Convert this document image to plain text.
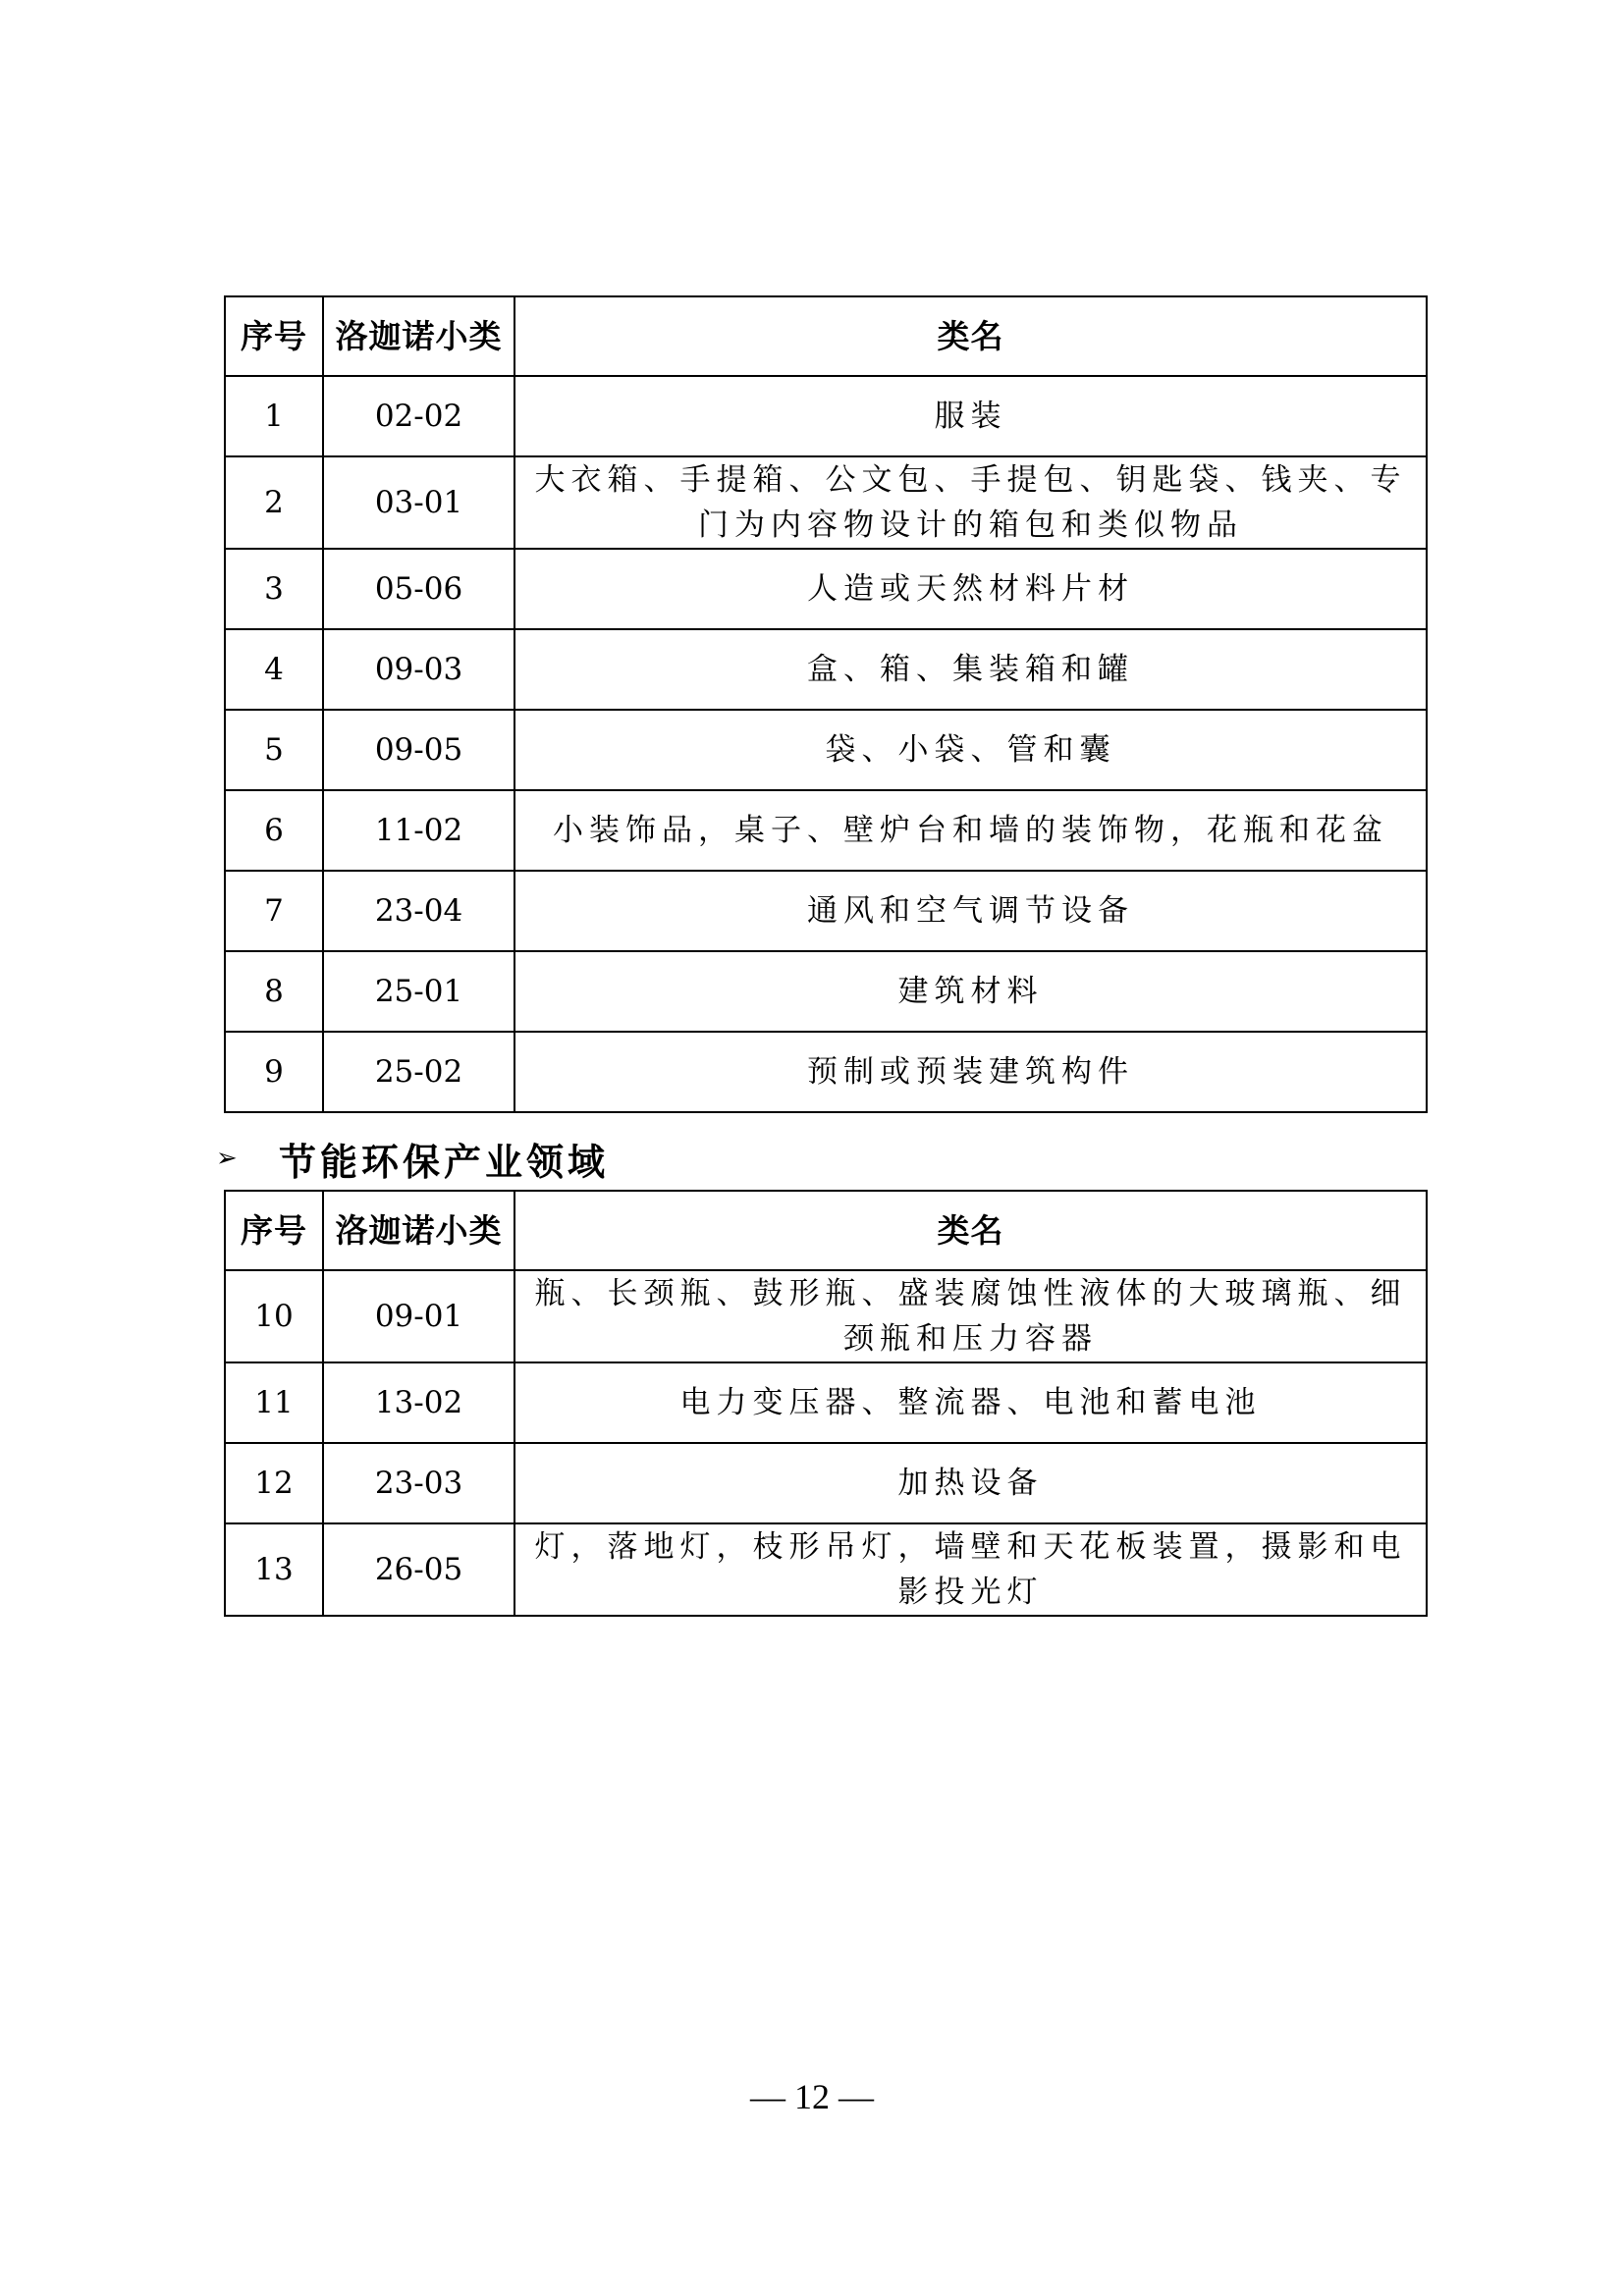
序号	洛迦诺小类	类名
1	02-02	服装
2	03-01	大衣箱、手提箱、公文包、手提包、钥匙袋、钱夹、专门为内容物设计的箱包和类似物品
3	05-06	人造或天然材料片材
4	09-03	盒、箱、集装箱和罐
5	09-05	袋、小袋、管和囊
6	11-02	小装饰品，桌子、壁炉台和墙的装饰物，花瓶和花盆
7	23-04	通风和空气调节设备
8	25-01	建筑材料
9	25-02	预制或预装建筑构件
➢	节能环保产业领域
序号	洛迦诺小类	类名
10	09-01	瓶、长颈瓶、鼓形瓶、盛装腐蚀性液体的大玻璃瓶、细颈瓶和压力容器
11	13-02	电力变压器、整流器、电池和蓄电池
12	23-03	加热设备
13	26-05	灯，落地灯，枝形吊灯，墙壁和天花板装置，摄影和电影投光灯
— 12 —
